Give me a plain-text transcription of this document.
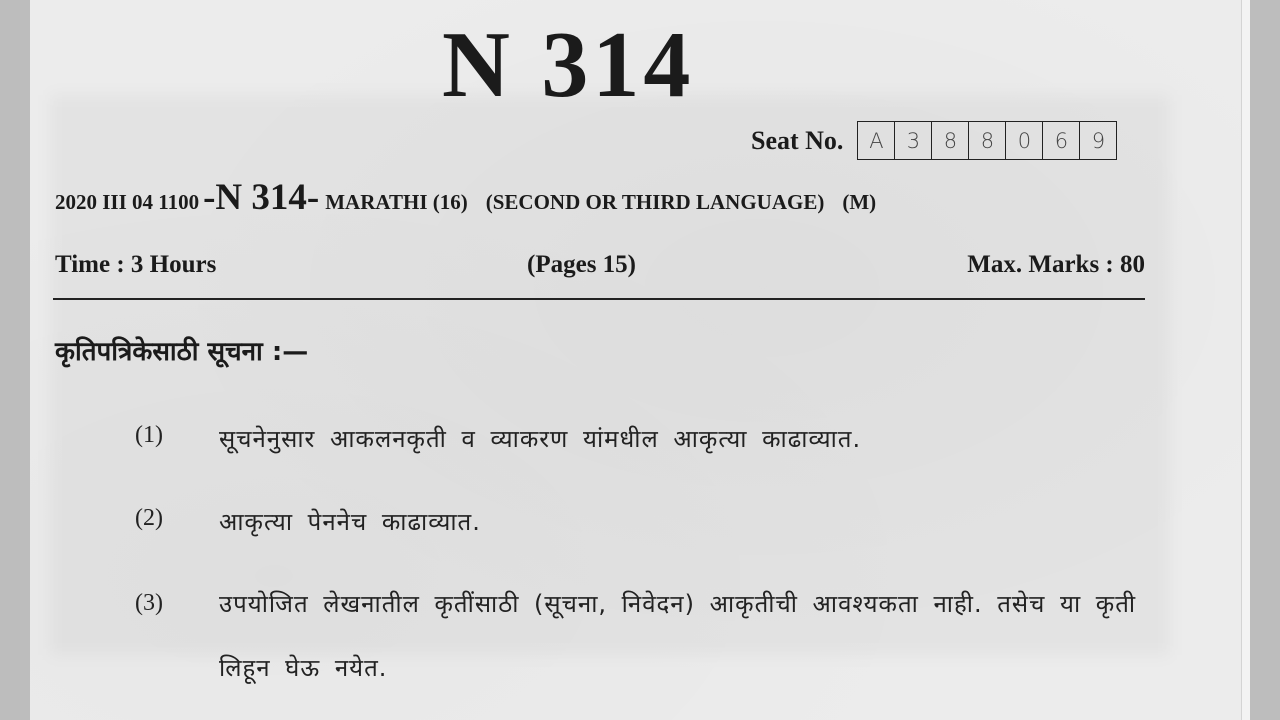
N 314
Seat No.	A	3	8	8	0	6	9
2020 III 04 1100 -N 314- MARATHI (16) (SECOND OR THIRD LANGUAGE) (M)
Time : 3 Hours	(Pages 15)	Max. Marks : 80
कृतिपत्रिकेसाठी सूचना :—
(1) सूचनेनुसार आकलनकृती व व्याकरण यांमधील आकृत्या काढाव्यात.
(2) आकृत्या पेननेच काढाव्यात.
(3) उपयोजित लेखनातील कृतींसाठी (सूचना, निवेदन) आकृतीची आवश्यकता नाही. तसेच या कृती लिहून घेऊ नयेत.
